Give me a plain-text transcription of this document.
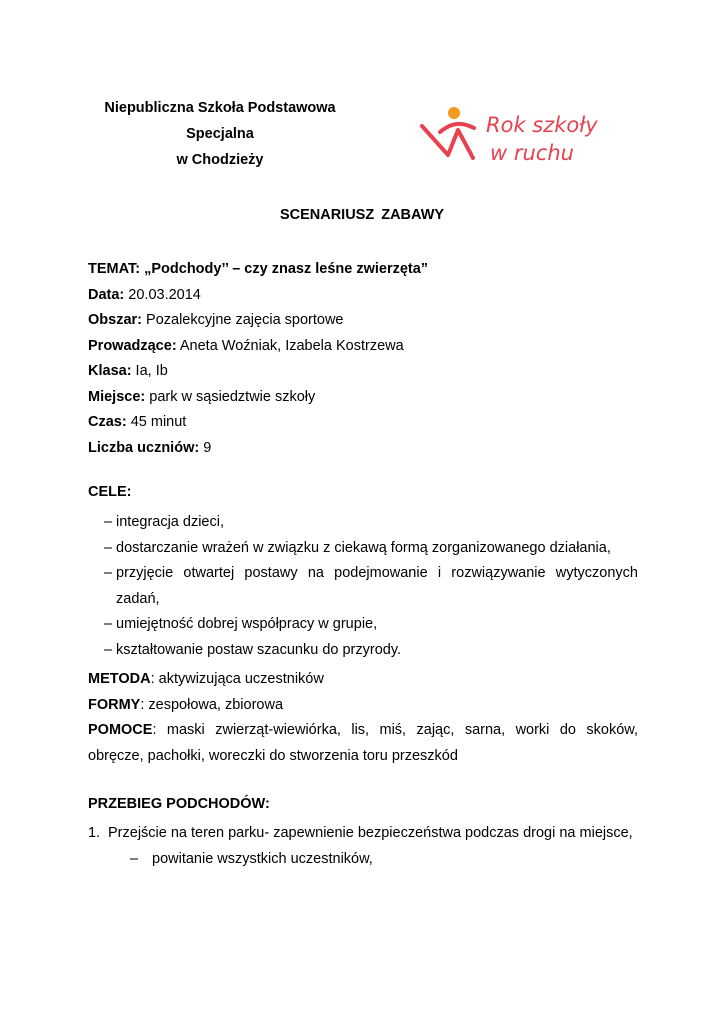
Niepubliczna Szkoła Podstawowa
Specjalna
w Chodzieży
Rok szkoły
w ruchu
SCENARIUSZ ZABAWY
TEMAT: „Podchody’’ – czy znasz leśne zwierzęta”
Data: 20.03.2014
Obszar: Pozalekcyjne zajęcia sportowe
Prowadzące: Aneta Woźniak, Izabela Kostrzewa
Klasa: Ia, Ib
Miejsce: park w sąsiedztwie szkoły
Czas: 45 minut
Liczba uczniów: 9
CELE:
– integracja dzieci,
– dostarczanie wrażeń w związku z ciekawą formą zorganizowanego działania,
– przyjęcie otwartej postawy na podejmowanie i rozwiązywanie wytyczonych zadań,
– umiejętność dobrej współpracy w grupie,
– kształtowanie postaw szacunku do przyrody.
METODA: aktywizująca uczestników
FORMY: zespołowa, zbiorowa
POMOCE: maski zwierząt-wiewiórka, lis, miś, zając, sarna, worki do skoków, obręcze, pachołki, woreczki do stworzenia toru przeszkód
PRZEBIEG PODCHODÓW:
1. Przejście na teren parku- zapewnienie bezpieczeństwa podczas drogi na miejsce,
– powitanie wszystkich uczestników,
